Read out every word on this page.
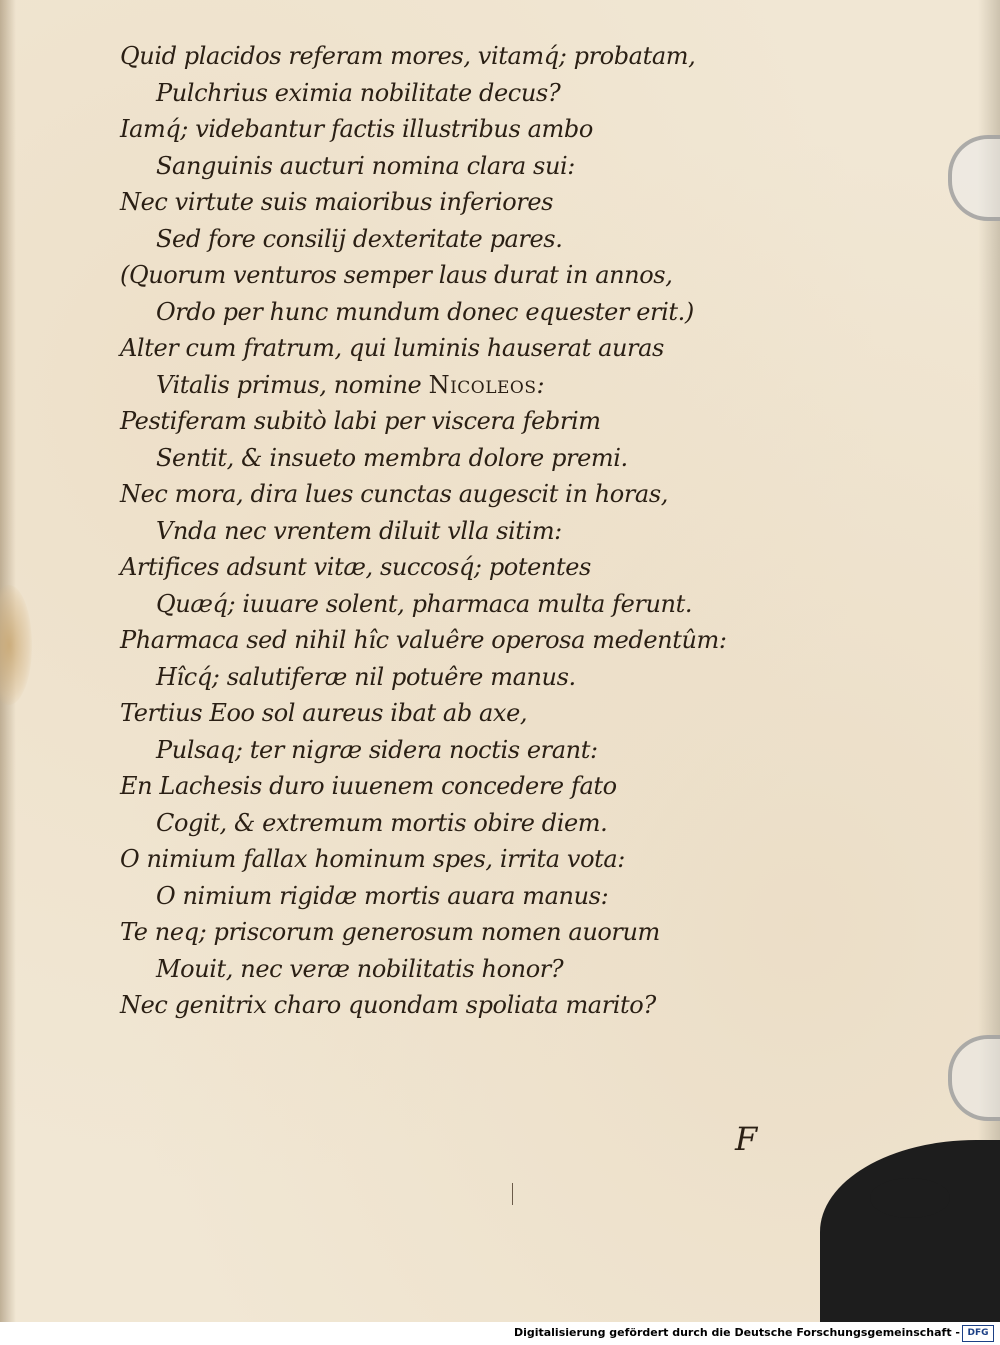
Quid placidos referam mores, vitamq́; probatam,
Pulchrius eximia nobilitate decus?
Iamq́; videbantur factis illustribus ambo
Sanguinis aucturi nomina clara sui:
Nec virtute suis maioribus inferiores
Sed fore consilij dexteritate pares.
(Quorum venturos semper laus durat in annos,
Ordo per hunc mundum donec equester erit.)
Alter cum fratrum, qui luminis hauserat auras
Vitalis primus, nomine Nicoleos:
Pestiferam subitò labi per viscera febrim
Sentit, & insueto membra dolore premi.
Nec mora, dira lues cunctas augescit in horas,
Vnda nec vrentem diluit vlla sitim:
Artifices adsunt vitæ, succosq́; potentes
Quæq́; iuuare solent, pharmaca multa ferunt.
Pharmaca sed nihil hîc valuêre operosa medentûm:
Hîcq́; salutiferæ nil potuêre manus.
Tertius Eoo sol aureus ibat ab axe,
Pulsaq; ter nigræ sidera noctis erant:
En Lachesis duro iuuenem concedere fato
Cogit, & extremum mortis obire diem.
O nimium fallax hominum spes, irrita vota:
O nimium rigidæ mortis auara manus:
Te neq; priscorum generosum nomen auorum
Mouit, nec veræ nobilitatis honor?
Nec genitrix charo quondam spoliata marito?
F
Digitalisierung gefördert durch die Deutsche Forschungsgemeinschaft - DFG
